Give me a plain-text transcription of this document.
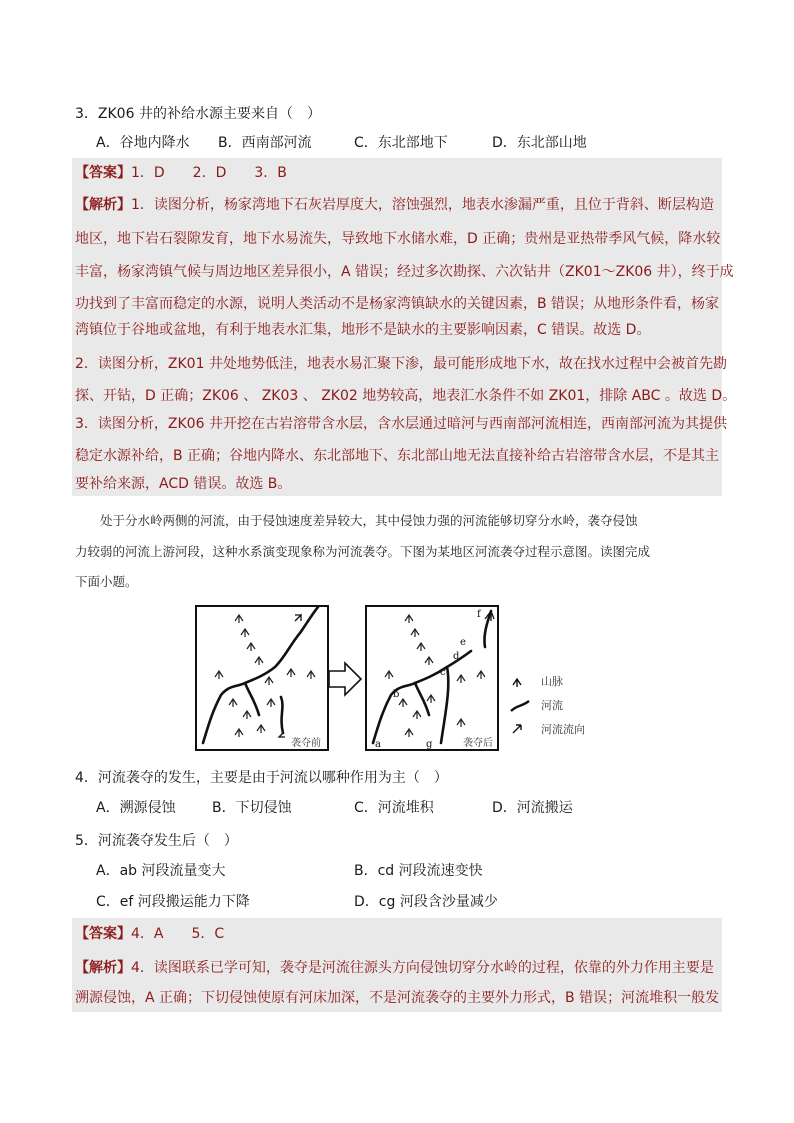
3．ZK06 井的补给水源主要来自（　）
A．谷地内降水 B．西南部河流	C．东北部地下	D．东北部山地
【答案】1．D　　2．D　　3．B
【解析】1．读图分析，杨家湾地下石灰岩厚度大，溶蚀强烈，地表水渗漏严重，且位于背斜、断层构造
地区，地下岩石裂隙发育，地下水易流失，导致地下水储水难，D 正确；贵州是亚热带季风气候，降水较
丰富，杨家湾镇气候与周边地区差异很小，A 错误；经过多次勘探、六次钻井（ZK01～ZK06 井），终于成
功找到了丰富而稳定的水源，说明人类活动不是杨家湾镇缺水的关键因素，B 错误；从地形条件看，杨家
湾镇位于谷地或盆地，有利于地表水汇集，地形不是缺水的主要影响因素，C 错误。故选 D。
2．读图分析，ZK01 井处地势低洼，地表水易汇聚下渗，最可能形成地下水，故在找水过程中会被首先勘
探、开钻，D 正确；ZK06 、 ZK03 、 ZK02 地势较高，地表汇水条件不如 ZK01，排除 ABC 。故选 D。
3．读图分析，ZK06 井开挖在古岩溶带含水层，含水层通过暗河与西南部河流相连，西南部河流为其提供
稳定水源补给，B 正确；谷地内降水、东北部地下、东北部山地无法直接补给古岩溶带含水层，不是其主
要补给来源，ACD 错误。故选 B。
　　处于分水岭两侧的河流，由于侵蚀速度差异较大，其中侵蚀力强的河流能够切穿分水岭，袭夺侵蚀
力较弱的河流上游河段，这种水系演变现象称为河流袭夺。下图为某地区河流袭夺过程示意图。读图完成
下面小题。
a
b
c
d
e
f
g
袭夺前	袭夺后
山脉
河流
河流流向
4．河流袭夺的发生，主要是由于河流以哪种作用为主（　）
A．溯源侵蚀	B．下切侵蚀	C．河流堆积	D．河流搬运
5．河流袭夺发生后（　）
A．ab 河段流量变大	B．cd 河段流速变快
C．ef 河段搬运能力下降	D．cg 河段含沙量减少
【答案】4．A　　5．C
【解析】4．读图联系已学可知，袭夺是河流往源头方向侵蚀切穿分水岭的过程，依靠的外力作用主要是
溯源侵蚀，A 正确；下切侵蚀使原有河床加深，不是河流袭夺的主要外力形式，B 错误；河流堆积一般发
